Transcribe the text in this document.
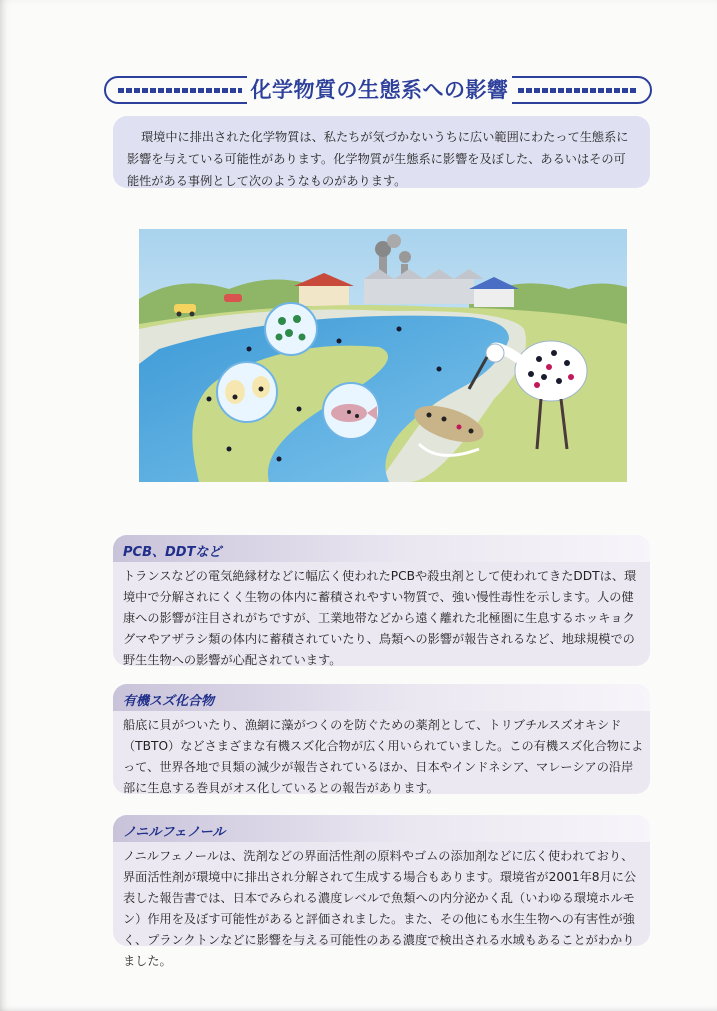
化学物質の生態系への影響
環境中に排出された化学物質は、私たちが気づかないうちに広い範囲にわたって生態系に影響を与えている可能性があります。化学物質が生態系に影響を及ぼした、あるいはその可能性がある事例として次のようなものがあります。
PCB、DDTなど
トランスなどの電気絶縁材などに幅広く使われたPCBや殺虫剤として使われてきたDDTは、環境中で分解されにくく生物の体内に蓄積されやすい物質で、強い慢性毒性を示します。人の健康への影響が注目されがちですが、工業地帯などから遠く離れた北極圏に生息するホッキョクグマやアザラシ類の体内に蓄積されていたり、鳥類への影響が報告されるなど、地球規模での野生生物への影響が心配されています。
有機スズ化合物
船底に貝がついたり、漁網に藻がつくのを防ぐための薬剤として、トリブチルスズオキシド（TBTO）などさまざまな有機スズ化合物が広く用いられていました。この有機スズ化合物によって、世界各地で貝類の減少が報告されているほか、日本やインドネシア、マレーシアの沿岸部に生息する巻貝がオス化しているとの報告があります。
ノニルフェノール
ノニルフェノールは、洗剤などの界面活性剤の原料やゴムの添加剤などに広く使われており、界面活性剤が環境中に排出され分解されて生成する場合もあります。環境省が2001年8月に公表した報告書では、日本でみられる濃度レベルで魚類への内分泌かく乱（いわゆる環境ホルモン）作用を及ぼす可能性があると評価されました。また、その他にも水生生物への有害性が強く、プランクトンなどに影響を与える可能性のある濃度で検出される水域もあることがわかりました。
